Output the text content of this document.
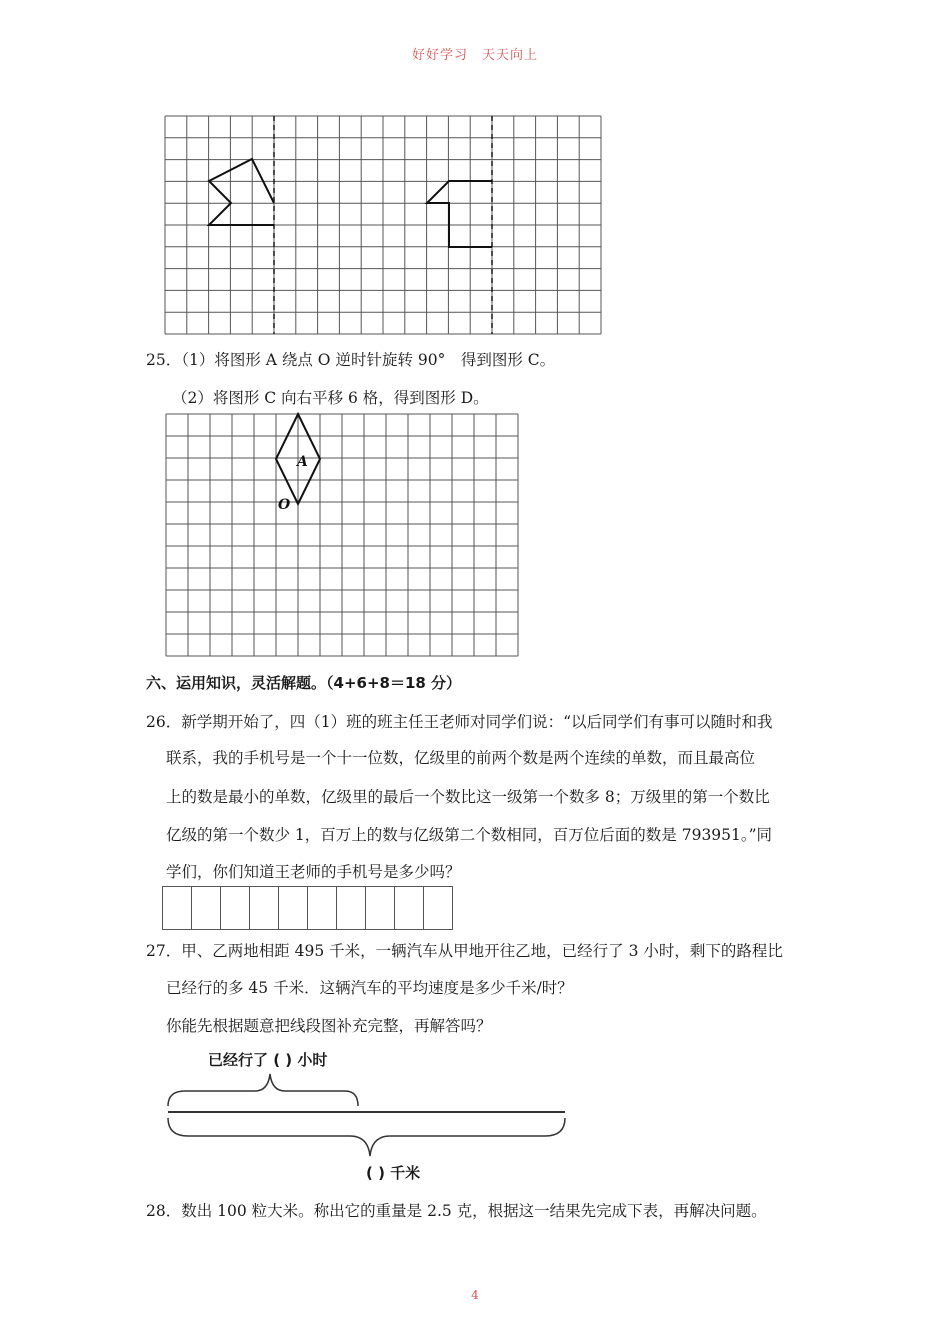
好好学习　天天向上
25．（1）将图形 A 绕点 O 逆时针旋转 90°　得到图形 C。
（2）将图形 C 向右平移 6 格，得到图形 D。
A
O
六、运用知识，灵活解题。（4+6+8＝18 分）
26．新学期开始了，四（1）班的班主任王老师对同学们说：“以后同学们有事可以随时和我
联系，我的手机号是一个十一位数，亿级里的前两个数是两个连续的单数，而且最高位
上的数是最小的单数，亿级里的最后一个数比这一级第一个数多 8；万级里的第一个数比
亿级的第一个数少 1，百万上的数与亿级第二个数相同，百万位后面的数是 793951。”同
学们，你们知道王老师的手机号是多少吗？
27．甲、乙两地相距 495 千米，一辆汽车从甲地开往乙地，已经行了 3 小时，剩下的路程比
已经行的多 45 千米．这辆汽车的平均速度是多少千米/时？
你能先根据题意把线段图补充完整，再解答吗？
已经行了 ( ) 小时
( ) 千米
28．数出 100 粒大米。称出它的重量是 2.5 克，根据这一结果先完成下表，再解决问题。
4
